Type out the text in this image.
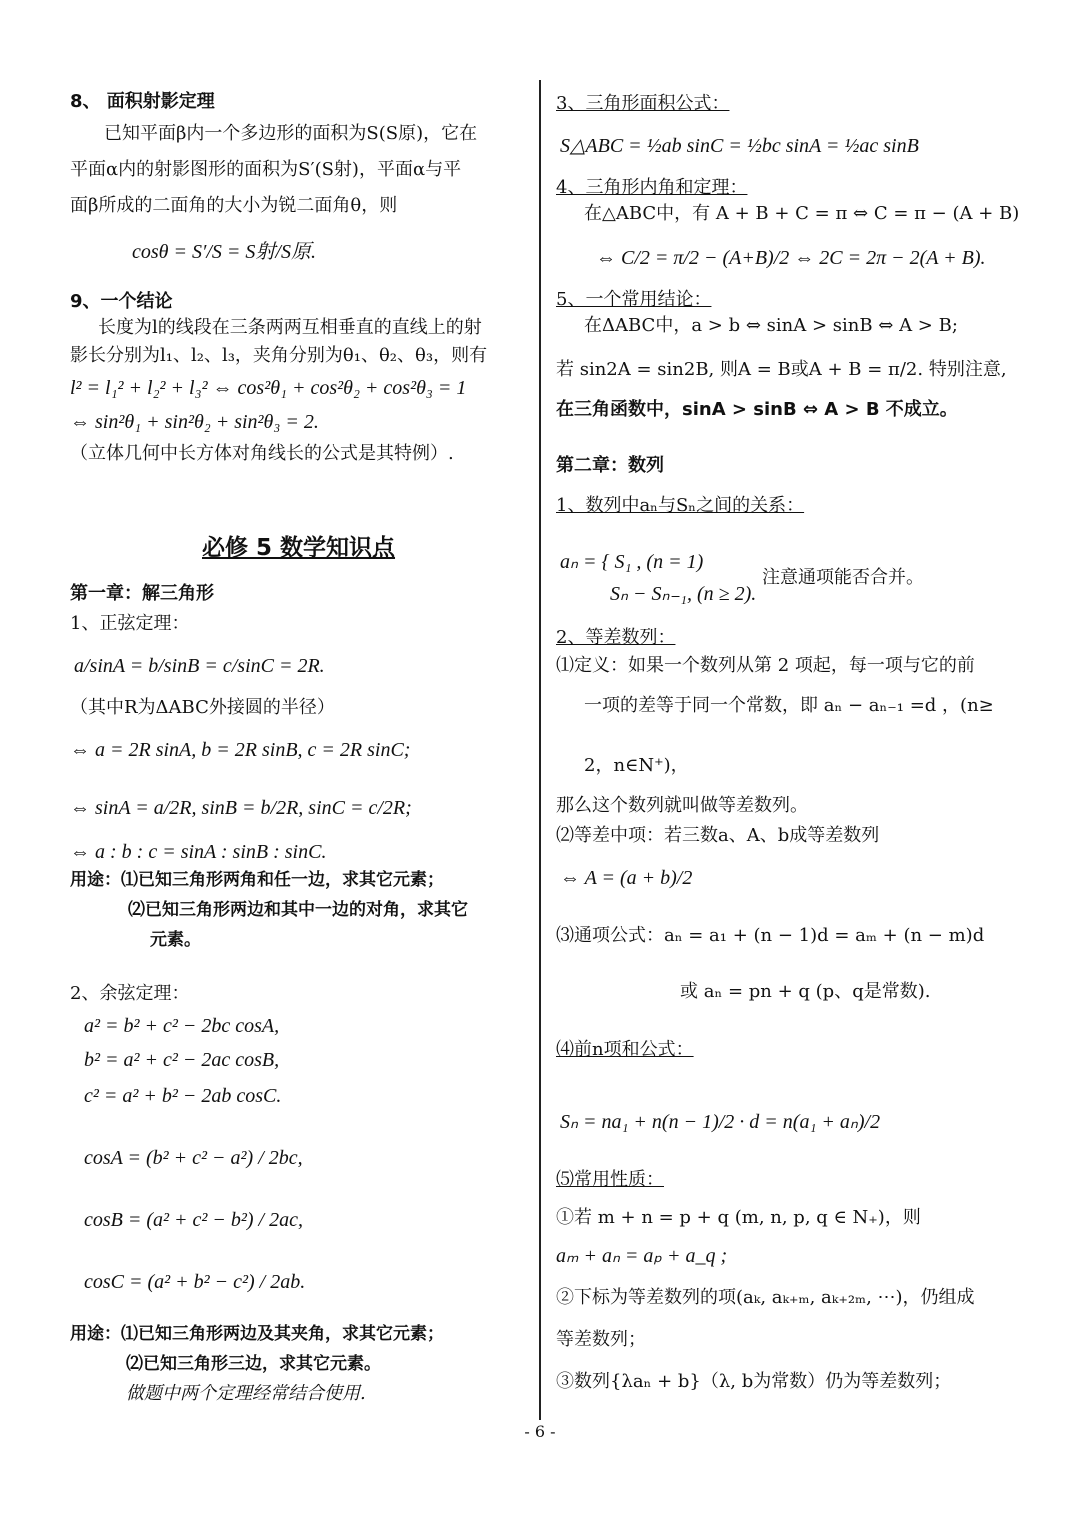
8、 面积射影定理
已知平面β内一个多边形的面积为S(S原)，它在
平面α内的射影图形的面积为S′(S射)，平面α与平
面β所成的二面角的大小为锐二面角θ，则
cosθ = S′/S = S射/S原.
9、一个结论
长度为l的线段在三条两两互相垂直的直线上的射
影长分别为l₁、l₂、l₃，夹角分别为θ₁、θ₂、θ₃，则有
l² = l₁² + l₂² + l₃² ⇔ cos²θ₁ + cos²θ₂ + cos²θ₃ = 1
⇔ sin²θ₁ + sin²θ₂ + sin²θ₃ = 2.
（立体几何中长方体对角线长的公式是其特例）.
必修 5 数学知识点
第一章：解三角形
1、正弦定理：
a/sinA = b/sinB = c/sinC = 2R.
（其中R为ΔABC外接圆的半径）
⇔ a = 2R sinA, b = 2R sinB, c = 2R sinC;
⇔ sinA = a/2R, sinB = b/2R, sinC = c/2R;
⇔ a : b : c = sinA : sinB : sinC.
用途：⑴已知三角形两角和任一边，求其它元素；
⑵已知三角形两边和其中一边的对角，求其它
元素。
2、余弦定理：
a² = b² + c² − 2bc cosA,
b² = a² + c² − 2ac cosB,
c² = a² + b² − 2ab cosC.
cosA = (b² + c² − a²) / 2bc,
cosB = (a² + c² − b²) / 2ac,
cosC = (a² + b² − c²) / 2ab.
用途：⑴已知三角形两边及其夹角，求其它元素；
⑵已知三角形三边，求其它元素。
做题中两个定理经常结合使用.
3、三角形面积公式：
S△ABC = ½ab sinC = ½bc sinA = ½ac sinB
4、三角形内角和定理：
在△ABC中，有 A + B + C = π ⇔ C = π − (A + B)
⇔ C/2 = π/2 − (A+B)/2 ⇔ 2C = 2π − 2(A + B).
5、一个常用结论：
在ΔABC中，a > b ⇔ sinA > sinB ⇔ A > B;
若 sin2A = sin2B, 则A = B或A + B = π/2. 特别注意,
在三角函数中，sinA > sinB ⇔ A > B 不成立。
第二章：数列
1、数列中aₙ与Sₙ之间的关系：
aₙ = { S₁ , (n = 1)
Sₙ − Sₙ₋₁, (n ≥ 2).
注意通项能否合并。
2、等差数列：
⑴定义：如果一个数列从第 2 项起，每一项与它的前
一项的差等于同一个常数，即 aₙ − aₙ₋₁ =d ，(n≥
2，n∈N⁺)，
那么这个数列就叫做等差数列。
⑵等差中项：若三数a、A、b成等差数列
⇔ A = (a + b)/2
⑶通项公式：aₙ = a₁ + (n − 1)d = aₘ + (n − m)d
或 aₙ = pn + q (p、q是常数).
⑷前n项和公式：
Sₙ = na₁ + n(n − 1)/2 · d = n(a₁ + aₙ)/2
⑸常用性质：
①若 m + n = p + q (m, n, p, q ∈ N₊)，则
aₘ + aₙ = aₚ + a_q ;
②下标为等差数列的项(aₖ, aₖ₊ₘ, aₖ₊₂ₘ, ⋯)，仍组成
等差数列；
③数列{λaₙ + b}（λ, b为常数）仍为等差数列；
- 6 -
